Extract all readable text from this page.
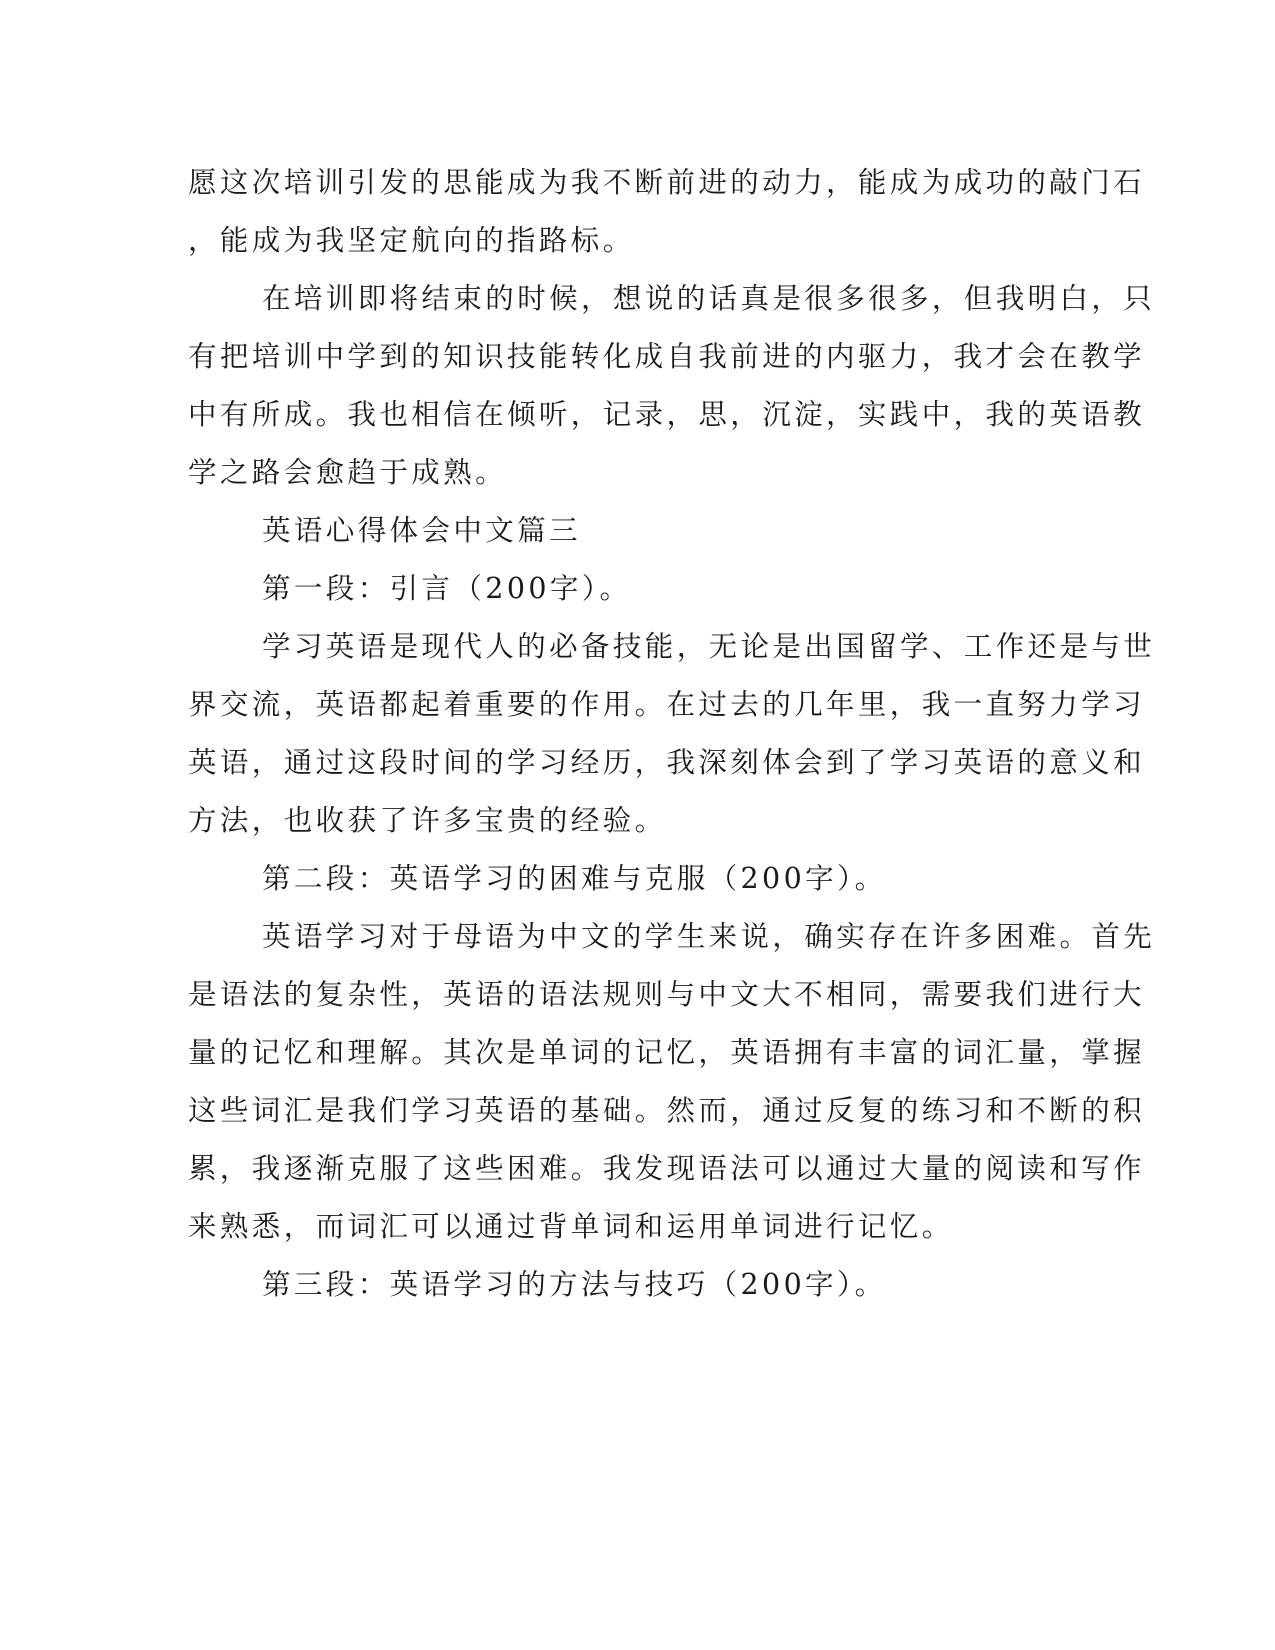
愿这次培训引发的思能成为我不断前进的动力，能成为成功的敲门石
，能成为我坚定航向的指路标。
在培训即将结束的时候，想说的话真是很多很多，但我明白，只
有把培训中学到的知识技能转化成自我前进的内驱力，我才会在教学
中有所成。我也相信在倾听，记录，思，沉淀，实践中，我的英语教
学之路会愈趋于成熟。
英语心得体会中文篇三
第一段：引言（200字）。
学习英语是现代人的必备技能，无论是出国留学、工作还是与世
界交流，英语都起着重要的作用。在过去的几年里，我一直努力学习
英语，通过这段时间的学习经历，我深刻体会到了学习英语的意义和
方法，也收获了许多宝贵的经验。
第二段：英语学习的困难与克服（200字）。
英语学习对于母语为中文的学生来说，确实存在许多困难。首先
是语法的复杂性，英语的语法规则与中文大不相同，需要我们进行大
量的记忆和理解。其次是单词的记忆，英语拥有丰富的词汇量，掌握
这些词汇是我们学习英语的基础。然而，通过反复的练习和不断的积
累，我逐渐克服了这些困难。我发现语法可以通过大量的阅读和写作
来熟悉，而词汇可以通过背单词和运用单词进行记忆。
第三段：英语学习的方法与技巧（200字）。
